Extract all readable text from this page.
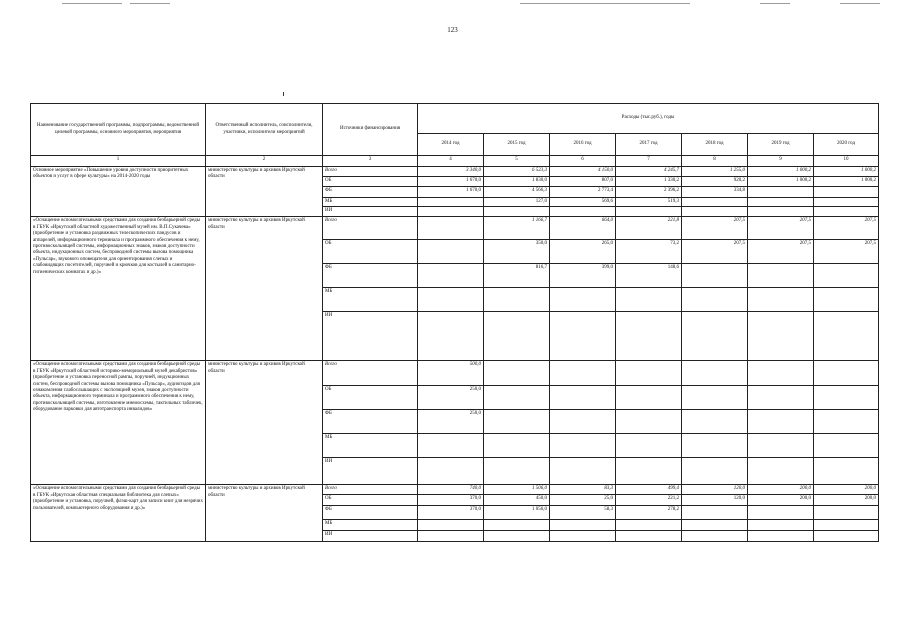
123
Наименование государственной программы, подпрограммы, ведомственной целевой программы, основного мероприятия, мероприятия	Ответственный исполнитель, соисполнители, участники, исполнители мероприятий	Источники финансирования	Расходы (тыс.руб.), годы						
			2014 год	2015 год	2016 год	2017 год	2018 год	2019 год	2020 год
1	2	3	4	5	6	7	8	9	10
Основное мероприятие «Повышение уровня доступности приоритетных объектов и услуг в сфере культуры» на 2014-2020 годы	министерство культуры и архивов Иркутской области	Всего	3 340,0	6 523,3	4 150,0	4 245,7	1 255,0	1 000,2	1 000,2
		ОБ	1 670,0	1 830,0	807,0	1 330,2	920,2	1 000,2	1 000,2
		ФБ	1 670,0	4 566,3	2 773,4	2 396,2	334,8		
		МБ		127,0	569,6	519,3			
		ИИ							
«Оснащение вспомогательными средствами для создания безбарьерной среды в ГБУК «Иркутский областной художественный музей им. В.П.Сукачева» (приобретение и установка раздвижных телескопических пандусов и аппарелей, информационного терминала и программного обеспечения к нему, противоскользящей системы, информационных знаков, знаков доступности объекта, индукционных систем, беспроводной системы вызова помощника «Пульсар», звукового оповещателя для ориентирования слепых и слабовидящих посетителей, поручней и крючков для костылей в санитарно-гигиенических комнатах и др.)»	министерство культуры и архивов Иркутской области	Всего		1 166,7	664,0	221,8	207,5	207,5	207,5
		ОБ		350,0	265,0	73,2	207,5	207,5	207,5
		ФБ		816,7	399,0	148,6			
		МБ							
		ИИ							
«Оснащение вспомогательными средствами для создания безбарьерной среды в ГБУК «Иркутский областной историко-мемориальный музей декабристов» (приобретение и установка переносной рампы, поручней, индукционных систем, беспроводной системы вызова помощника «Пульсар», аудиогидов для ознакомления слабослышащих с экспозицией музея, знаков доступности объекта, информационного терминала и программного обеспечения к нему, противоскользящей системы, изготовление мнемосхемы, тактильных табличек, оборудование парковки для автотранспорта инвалидов»	министерство культуры и архивов Иркутской области	Всего	500,0						
		ОБ	250,0						
		ФБ	250,0						
		МБ							
		ИИ							
«Оснащение вспомогательными средствами для создания безбарьерной среды в ГБУК «Иркутская областная специальная библиотека для слепых» (приобретение и установка, поручней, флэш-карт для записи книг для незрячих пользователей, компьютерного оборудования и др.)»	министерство культуры и архивов Иркутской области	Всего	740,0	1 506,0	83,3	499,4	120,0	200,0	200,0
		ОБ	370,0	450,0	25,0	221,2	120,0	200,0	200,0
		ФБ	370,0	1 056,0	58,3	278,2			
		МБ							
		ИИ							
